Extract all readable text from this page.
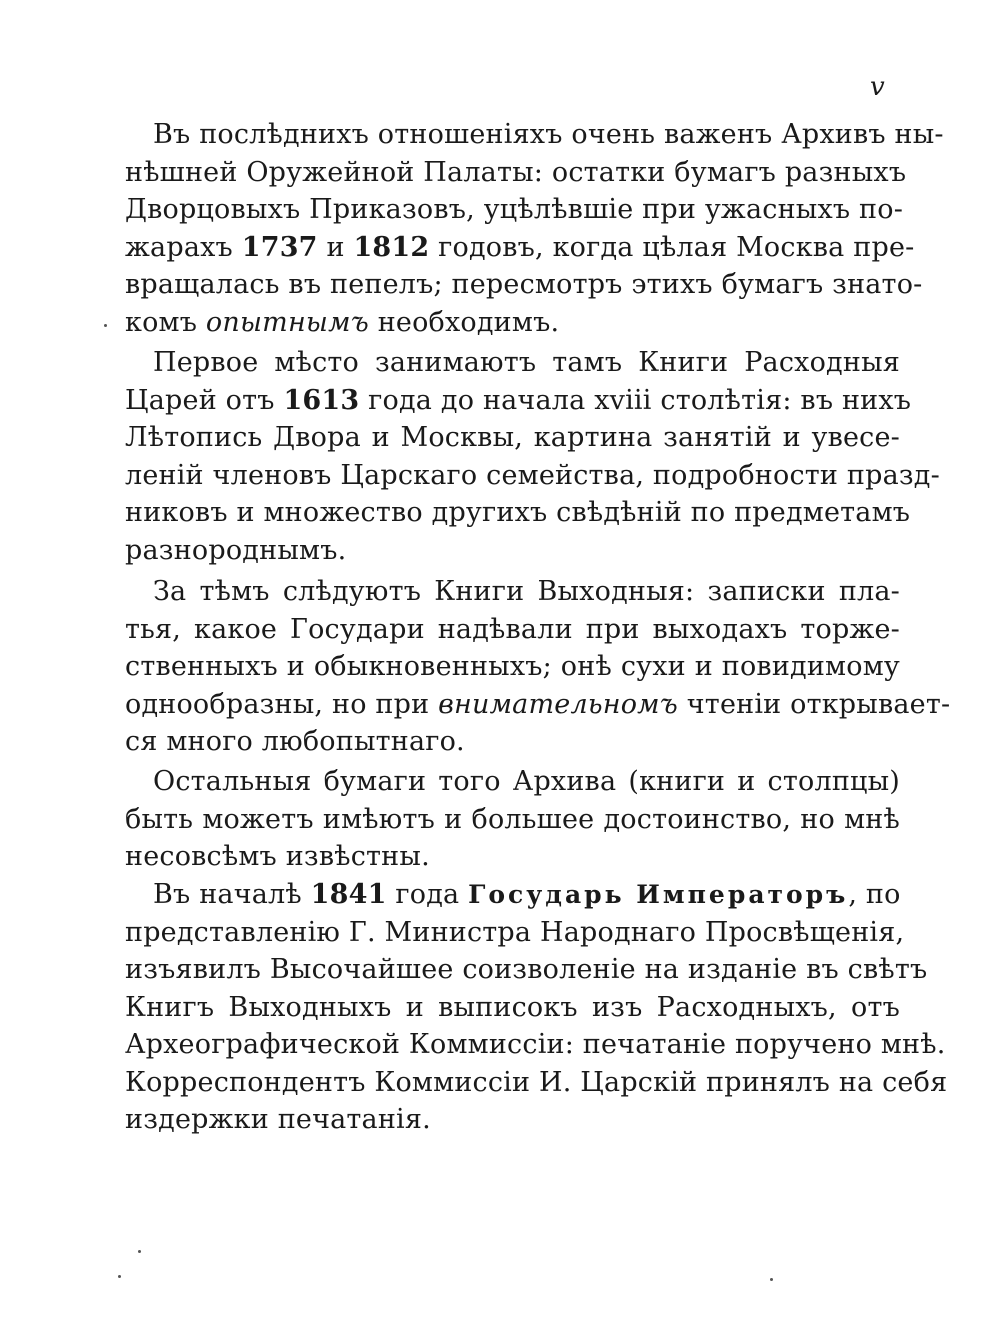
v
Въ послѣднихъ отношеніяхъ очень важенъ Архивъ ны-
нѣшней Оружейной Палаты: остатки бумагъ разныхъ
Дворцовыхъ Приказовъ, уцѣлѣвшіе при ужасныхъ по-
жарахъ 1737 и 1812 годовъ, когда цѣлая Москва пре-
вращалась въ пепелъ; пересмотръ этихъ бумагъ знато-
комъ опытнымъ необходимъ.
Первое мѣсто занимаютъ тамъ Книги Расходныя
Царей отъ 1613 года до начала xviii столѣтія: въ нихъ
Лѣтопись Двора и Москвы, картина занятій и увесе-
леній членовъ Царскаго семейства, подробности празд-
никовъ и множество другихъ свѣдѣній по предметамъ
разнороднымъ.
За тѣмъ слѣдуютъ Книги Выходныя: записки пла-
тья, какое Государи надѣвали при выходахъ торже-
ственныхъ и обыкновенныхъ; онѣ сухи и повидимому
однообразны, но при внимательномъ чтеніи открывает-
ся много любопытнаго.
Остальныя бумаги того Архива (книги и столпцы)
быть можетъ имѣютъ и большее достоинство, но мнѣ
несовсѣмъ извѣстны.
Въ началѣ 1841 года Государь Императоръ, по
представленію Г. Министра Народнаго Просвѣщенія,
изъявилъ Высочайшее соизволеніе на изданіе въ свѣтъ
Книгъ Выходныхъ и выписокъ изъ Расходныхъ, отъ
Археографической Коммиссіи: печатаніе поручено мнѣ.
Корреспондентъ Коммиссіи И. Царскій принялъ на себя
издержки печатанія.
